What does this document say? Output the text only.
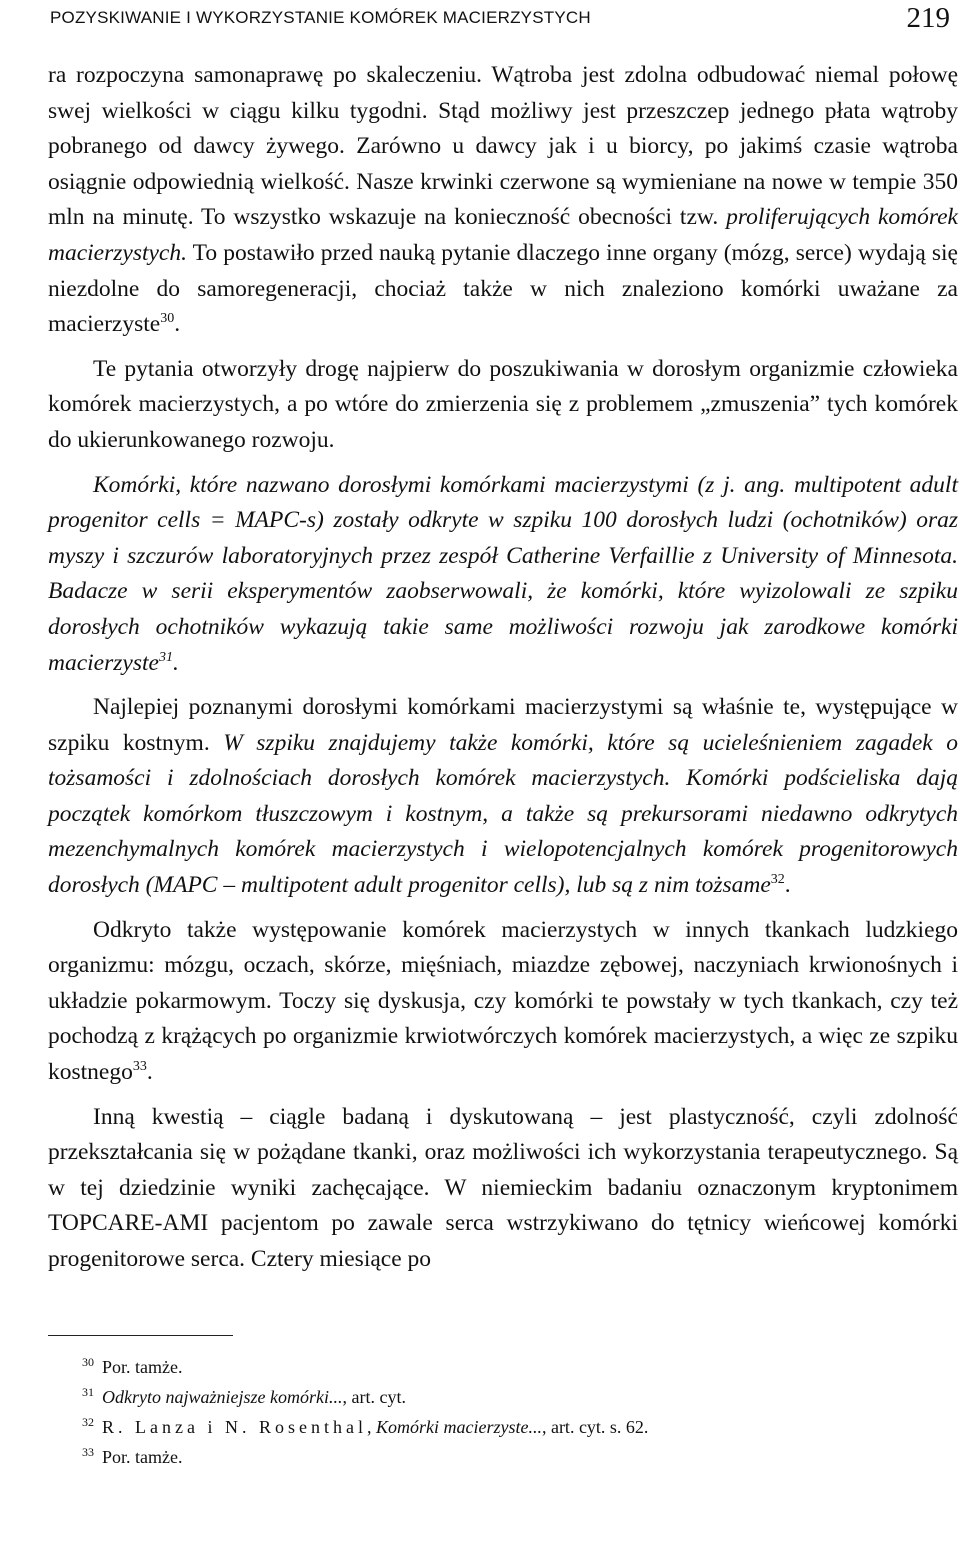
POZYSKIWANIE I WYKORZYSTANIE KOMÓREK MACIERZYSTYCH	219

ra rozpoczyna samonaprawę po skaleczeniu. Wątroba jest zdolna odbudować niemal połowę swej wielkości w ciągu kilku tygodni. Stąd możliwy jest przeszczep jednego płata wątroby pobranego od dawcy żywego. Zarówno u dawcy jak i u biorcy, po jakimś czasie wątroba osiągnie odpowiednią wielkość. Nasze krwinki czerwone są wymieniane na nowe w tempie 350 mln na minutę. To wszystko wskazuje na konieczność obecności tzw. proliferujących komórek macierzystych. To postawiło przed nauką pytanie dlaczego inne organy (mózg, serce) wydają się niezdolne do samoregeneracji, chociaż także w nich znaleziono komórki uważane za macierzyste$^{30}$.

Te pytania otworzyły drogę najpierw do poszukiwania w dorosłym organizmie człowieka komórek macierzystych, a po wtóre do zmierzenia się z problemem „zmuszenia” tych komórek do ukierunkowanego rozwoju.

Komórki, które nazwano dorosłymi komórkami macierzystymi (z j. ang. multipotent adult progenitor cells = MAPC-s) zostały odkryte w szpiku 100 dorosłych ludzi (ochotników) oraz myszy i szczurów laboratoryjnych przez zespół Catherine Verfaillie z University of Minnesota. Badacze w serii eksperymentów zaobserwowali, że komórki, które wyizolowali ze szpiku dorosłych ochotników wykazują takie same możliwości rozwoju jak zarodkowe komórki macierzyste$^{31}$.

Najlepiej poznanymi dorosłymi komórkami macierzystymi są właśnie te, występujące w szpiku kostnym. W szpiku znajdujemy także komórki, które są ucieleśnieniem zagadek o tożsamości i zdolnościach dorosłych komórek macierzystych. Komórki podścieliska dają początek komórkom tłuszczowym i kostnym, a także są prekursorami niedawno odkrytych mezenchymalnych komórek macierzystych i wielopotencjalnych komórek progenitorowych dorosłych (MAPC – multipotent adult progenitor cells), lub są z nim tożsame$^{32}$.

Odkryto także występowanie komórek macierzystych w innych tkankach ludzkiego organizmu: mózgu, oczach, skórze, mięśniach, miazdze zębowej, naczyniach krwionośnych i układzie pokarmowym. Toczy się dyskusja, czy komórki te powstały w tych tkankach, czy też pochodzą z krążących po organizmie krwiotwórczych komórek macierzystych, a więc ze szpiku kostnego$^{33}$.

Inną kwestią – ciągle badaną i dyskutowaną – jest plastyczność, czyli zdolność przekształcania się w pożądane tkanki, oraz możliwości ich wykorzystania terapeutycznego. Są w tej dziedzinie wyniki zachęcające. W niemieckim badaniu oznaczonym kryptonimem TOPCARE-AMI pacjentom po zawale serca wstrzykiwano do tętnicy wieńcowej komórki progenitorowe serca. Cztery miesiące po

$^{30}$ Por. tamże.
$^{31}$ Odkryto najważniejsze komórki..., art. cyt.
$^{32}$ R. Lanza i N. Rosenthal, Komórki macierzyste..., art. cyt. s. 62.
$^{33}$ Por. tamże.
